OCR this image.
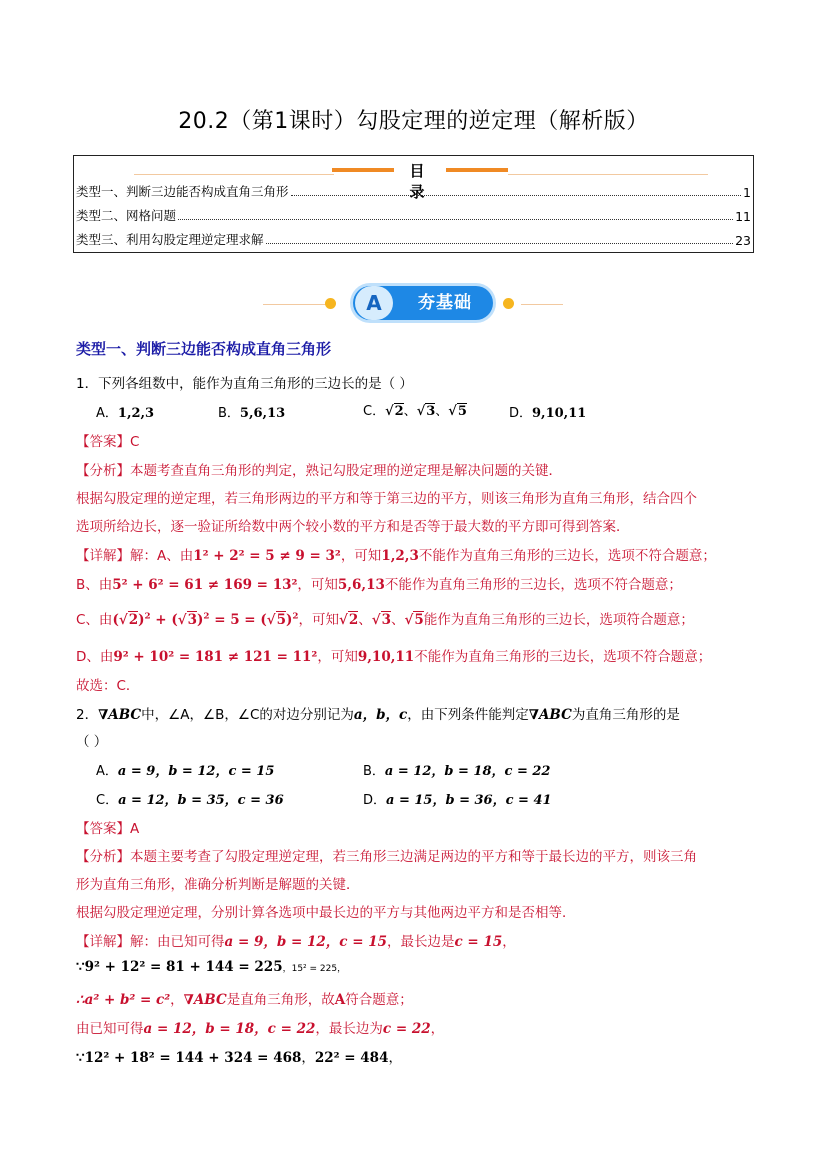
20.2（第1课时）勾股定理的逆定理（解析版）
目 录
类型一、判断三边能否构成直角三角形	1
类型二、网格问题	11
类型三、利用勾股定理逆定理求解	23
A	夯基础
类型一、判断三边能否构成直角三角形
1．下列各组数中，能作为直角三角形的三边长的是（ ）
A．1,2,3	B．5,6,13	C．√2、√3、√5	D．9,10,11
【答案】C
【分析】本题考查直角三角形的判定，熟记勾股定理的逆定理是解决问题的关键．
根据勾股定理的逆定理，若三角形两边的平方和等于第三边的平方，则该三角形为直角三角形，结合四个
选项所给边长，逐一验证所给数中两个较小数的平方和是否等于最大数的平方即可得到答案．
【详解】解：A、由1² + 2² = 5 ≠ 9 = 3²，可知1,2,3不能作为直角三角形的三边长，选项不符合题意；
B、由5² + 6² = 61 ≠ 169 = 13²，可知5,6,13不能作为直角三角形的三边长，选项不符合题意；
C、由$(√2)^2 + (√3)^2 = 5 = (√5)^2$，可知√2、√3、√5能作为直角三角形的三边长，选项符合题意；
D、由9² + 10² = 181 ≠ 121 = 11²，可知9,10,11不能作为直角三角形的三边长，选项不符合题意；
故选：C．
2．∇ABC中，∠A，∠B，∠C的对边分别记为a，b，c，由下列条件能判定∇ABC为直角三角形的是
（ ）
A．a = 9，b = 12，c = 15	B．a = 12，b = 18，c = 22
C．a = 12，b = 35，c = 36	D．a = 15，b = 36，c = 41
【答案】A
【分析】本题主要考查了勾股定理逆定理，若三角形三边满足两边的平方和等于最长边的平方，则该三角
形为直角三角形，准确分析判断是解题的关键．
根据勾股定理逆定理，分别计算各选项中最长边的平方与其他两边平方和是否相等．
【详解】解：由已知可得a = 9，b = 12，c = 15，最长边是c = 15，
∵9² + 12² = 81 + 144 = 225，15² = 225，
∴a² + b² = c²，∇ABC是直角三角形，故A符合题意；
由已知可得a = 12，b = 18，c = 22，最长边为c = 22，
∵12² + 18² = 144 + 324 = 468，22² = 484，
